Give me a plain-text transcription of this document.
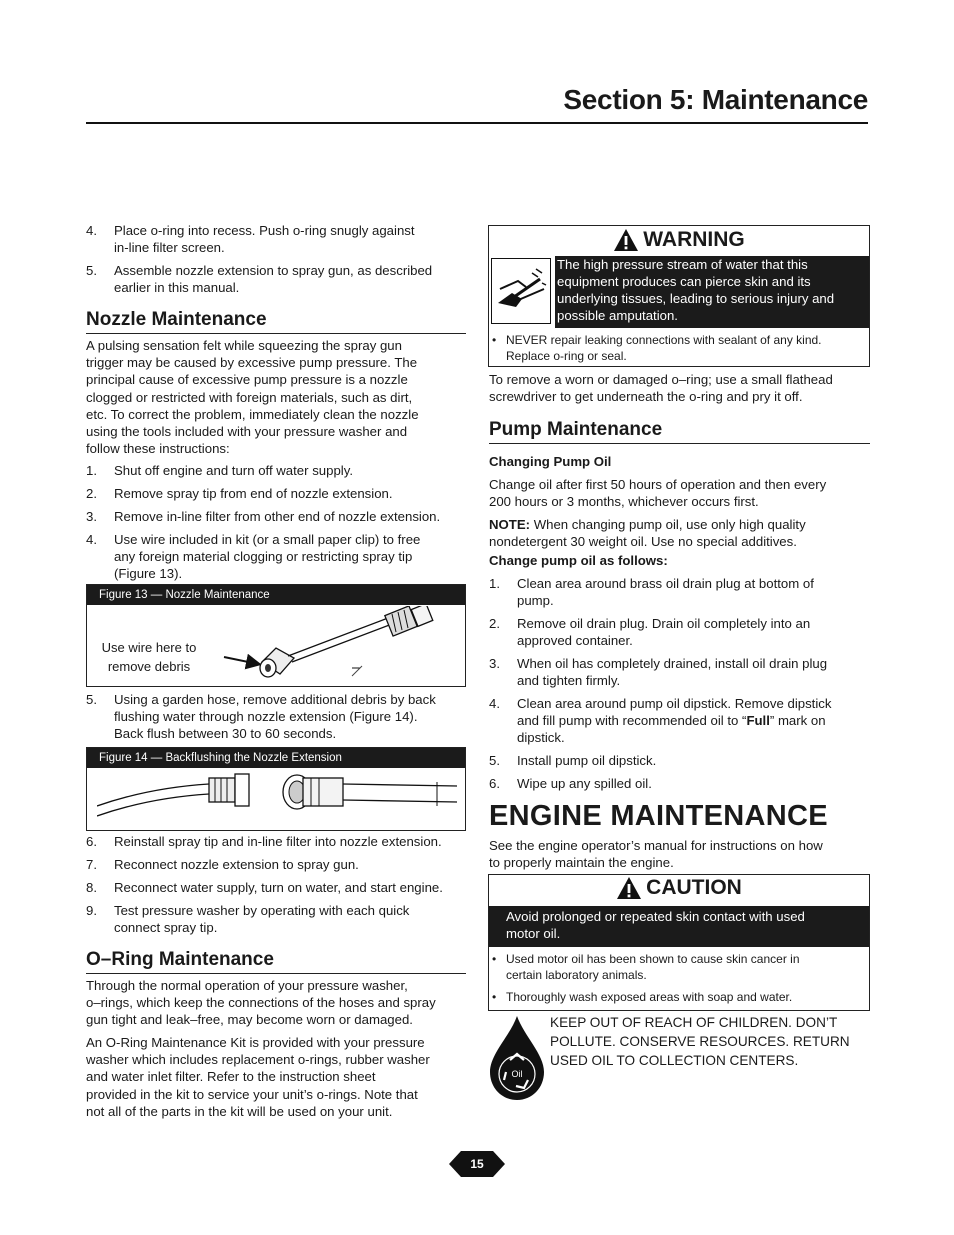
Section 5: Maintenance
4. Place o-ring into recess. Push o-ring snugly against
in-line filter screen.
5. Assemble nozzle extension to spray gun, as described
earlier in this manual.
Nozzle Maintenance
A pulsing sensation felt while squeezing the spray gun
trigger may be caused by excessive pump pressure. The
principal cause of excessive pump pressure is a nozzle
clogged or restricted with foreign materials, such as dirt,
etc. To correct the problem, immediately clean the nozzle
using the tools included with your pressure washer and
follow these instructions:
1. Shut off engine and turn off water supply.
2. Remove spray tip from end of nozzle extension.
3. Remove in-line filter from other end of nozzle extension.
4. Use wire included in kit (or a small paper clip) to free
any foreign material clogging or restricting spray tip
(Figure 13).
Figure 13 — Nozzle Maintenance
Use wire here to
remove debris
5. Using a garden hose, remove additional debris by back
flushing water through nozzle extension (Figure 14).
Back flush between 30 to 60 seconds.
Figure 14 — Backflushing the Nozzle Extension
6. Reinstall spray tip and in-line filter into nozzle extension.
7. Reconnect nozzle extension to spray gun.
8. Reconnect water supply, turn on water, and start engine.
9. Test pressure washer by operating with each quick
connect spray tip.
O–Ring Maintenance
Through the normal operation of your pressure washer,
o–rings, which keep the connections of the hoses and spray
gun tight and leak–free, may become worn or damaged.
An O-Ring Maintenance Kit is provided with your pressure
washer which includes replacement o-rings, rubber washer
and water inlet filter. Refer to the instruction sheet
provided in the kit to service your unit’s o-rings. Note that
not all of the parts in the kit will be used on your unit.
WARNING
The high pressure stream of water that this
equipment produces can pierce skin and its
underlying tissues, leading to serious injury and
possible amputation.
• NEVER repair leaking connections with sealant of any kind.
Replace o-ring or seal.
To remove a worn or damaged o–ring; use a small flathead
screwdriver to get underneath the o-ring and pry it off.
Pump Maintenance
Changing Pump Oil
Change oil after first 50 hours of operation and then every
200 hours or 3 months, whichever occurs first.
NOTE: When changing pump oil, use only high quality
nondetergent 30 weight oil. Use no special additives.
Change pump oil as follows:
1. Clean area around brass oil drain plug at bottom of
pump.
2. Remove oil drain plug. Drain oil completely into an
approved container.
3. When oil has completely drained, install oil drain plug
and tighten firmly.
4. Clean area around pump oil dipstick. Remove dipstick
and fill pump with recommended oil to “Full” mark on
dipstick.
5. Install pump oil dipstick.
6. Wipe up any spilled oil.
ENGINE MAINTENANCE
See the engine operator’s manual for instructions on how
to properly maintain the engine.
CAUTION
Avoid prolonged or repeated skin contact with used
motor oil.
• Used motor oil has been shown to cause skin cancer in
certain laboratory animals.
• Thoroughly wash exposed areas with soap and water.
Oil
KEEP OUT OF REACH OF CHILDREN. DON’T
POLLUTE. CONSERVE RESOURCES. RETURN
USED OIL TO COLLECTION CENTERS.
15
